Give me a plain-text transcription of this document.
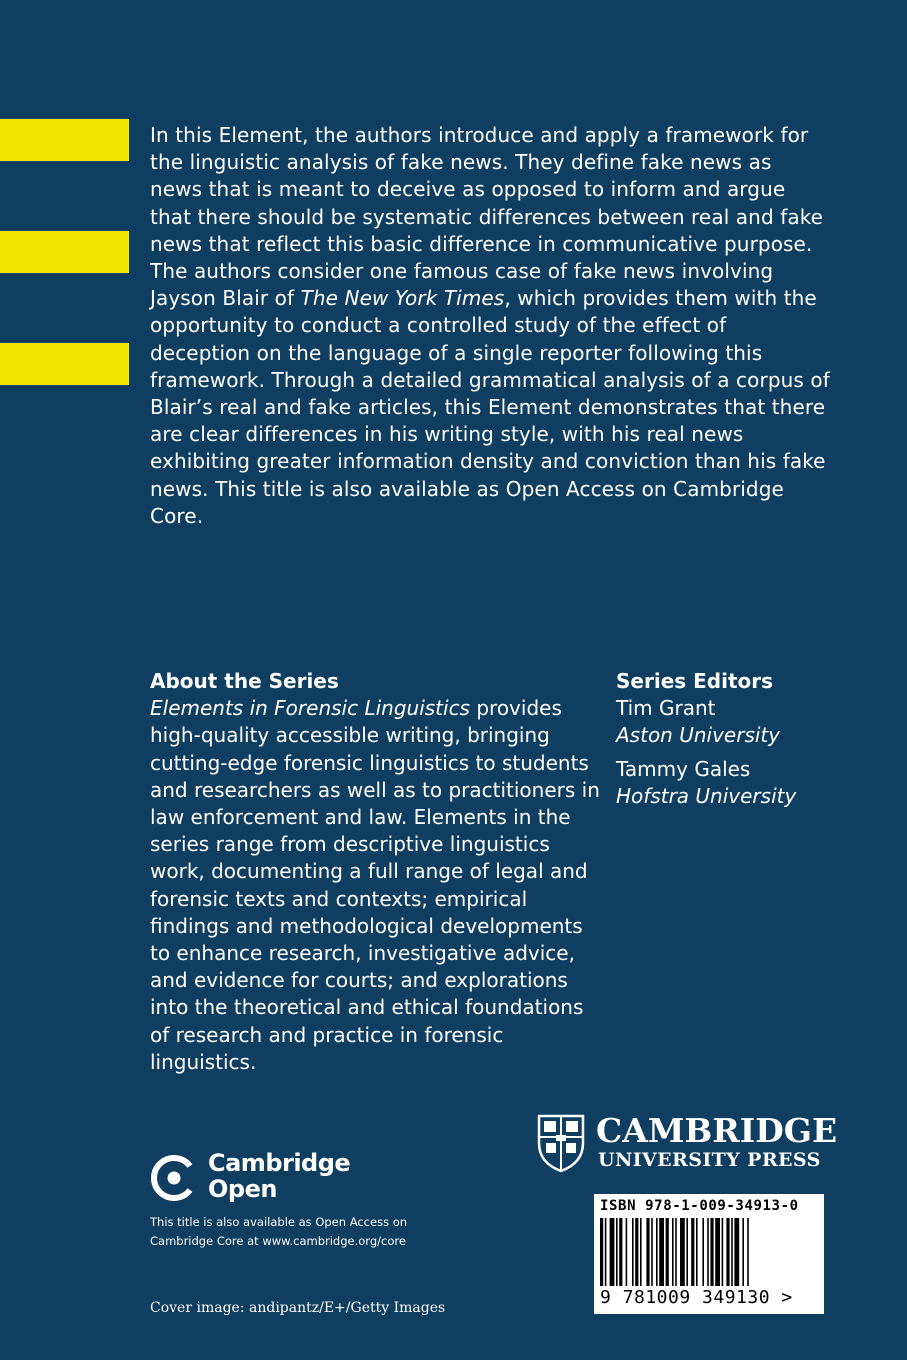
In this Element, the authors introduce and apply a framework for the linguistic analysis of fake news. They define fake news as news that is meant to deceive as opposed to inform and argue that there should be systematic differences between real and fake news that reflect this basic difference in communicative purpose. The authors consider one famous case of fake news involving Jayson Blair of The New York Times, which provides them with the opportunity to conduct a controlled study of the effect of deception on the language of a single reporter following this framework. Through a detailed grammatical analysis of a corpus of Blair’s real and fake articles, this Element demonstrates that there are clear differences in his writing style, with his real news exhibiting greater information density and conviction than his fake news. This title is also available as Open Access on Cambridge Core.

About the Series

Elements in Forensic Linguistics provides high-quality accessible writing, bringing cutting-edge forensic linguistics to students and researchers as well as to practitioners in law enforcement and law. Elements in the series range from descriptive linguistics work, documenting a full range of legal and forensic texts and contexts; empirical findings and methodological developments to enhance research, investigative advice, and evidence for courts; and explorations into the theoretical and ethical foundations of research and practice in forensic linguistics.

Series Editors
Tim Grant
Aston University
Tammy Gales
Hofstra University
CAMBRIDGE
UNIVERSITY PRESS
Cambridge
Open
This title is also available as Open Access on
Cambridge Core at www.cambridge.org/core
Cover image: andipantz/E+/Getty Images
ISBN 978-1-009-34913-0
9 781009 349130 >
